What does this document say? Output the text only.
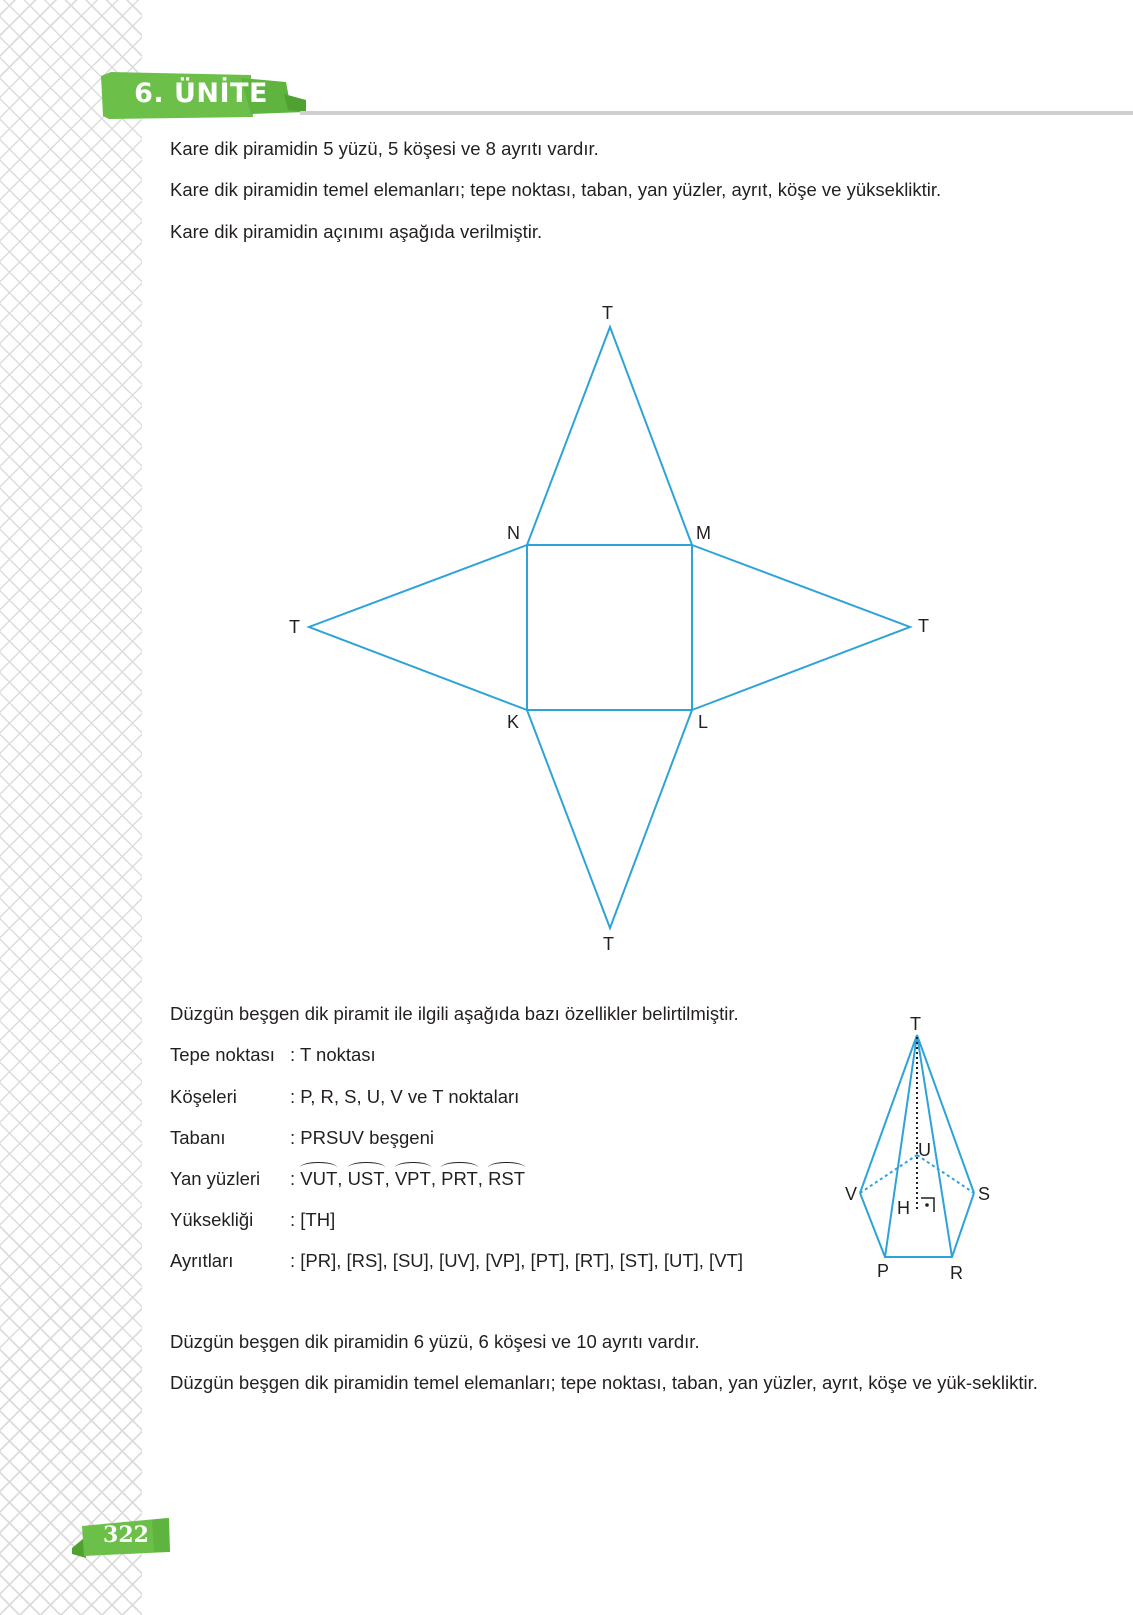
6. ÜNİTE
Kare dik piramidin 5 yüzü, 5 köşesi ve 8 ayrıtı vardır.
Kare dik piramidin temel elemanları; tepe noktası, taban, yan yüzler, ayrıt, köşe ve yüksekliktir.
Kare dik piramidin açınımı aşağıda verilmiştir.
T
T	T
T
N	M
K	L
T
U
V	S
H
P	R
Düzgün beşgen dik piramit ile ilgili aşağıda bazı özellikler belirtilmiştir.
Tepe noktası : T noktası
Köşeleri	: P, R, S, U, V ve T noktaları
Tabanı	: PRSUV beşgeni
Yan yüzleri : VUT, UST, VPT, PRT, RST
Yüksekliği : [TH]
Ayrıtları	: [PR], [RS], [SU], [UV], [VP], [PT], [RT], [ST], [UT], [VT]
Düzgün beşgen dik piramidin 6 yüzü, 6 köşesi ve 10 ayrıtı vardır.
Düzgün beşgen dik piramidin temel elemanları; tepe noktası, taban, yan yüzler, ayrıt, köşe ve yük-sekliktir.
322
